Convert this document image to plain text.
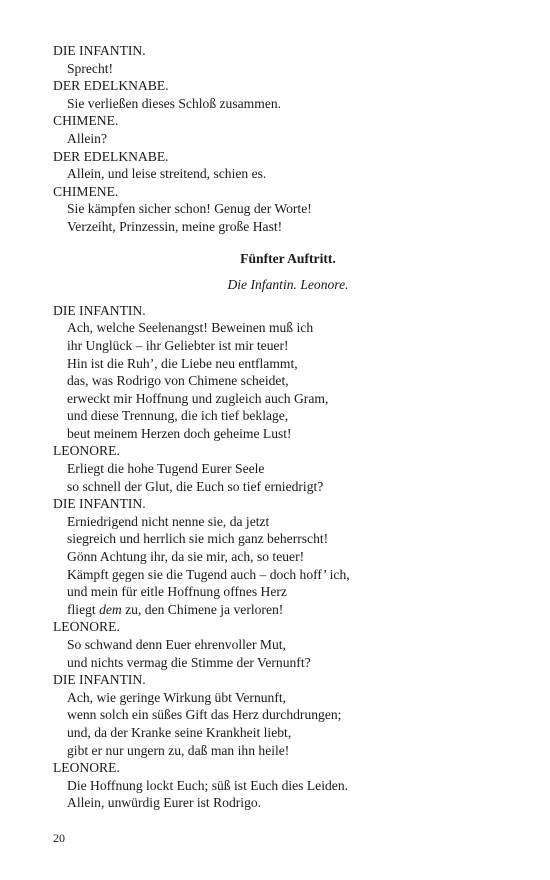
DIE INFANTIN.

Sprecht!

DER EDELKNABE.

Sie verließen dieses Schloß zusammen.

CHIMENE.

Allein?

DER EDELKNABE.

Allein, und leise streitend, schien es.

CHIMENE.

Sie kämpfen sicher schon! Genug der Worte!

Verzeiht, Prinzessin, meine große Hast!

Fünfter Auftritt.

Die Infantin. Leonore.

DIE INFANTIN.

Ach, welche Seelenangst! Beweinen muß ich

ihr Unglück – ihr Geliebter ist mir teuer!

Hin ist die Ruh’, die Liebe neu entflammt,

das, was Rodrigo von Chimene scheidet,

erweckt mir Hoffnung und zugleich auch Gram,

und diese Trennung, die ich tief beklage,

beut meinem Herzen doch geheime Lust!

LEONORE.

Erliegt die hohe Tugend Eurer Seele

so schnell der Glut, die Euch so tief erniedrigt?

DIE INFANTIN.

Erniedrigend nicht nenne sie, da jetzt

siegreich und herrlich sie mich ganz beherrscht!

Gönn Achtung ihr, da sie mir, ach, so teuer!

Kämpft gegen sie die Tugend auch – doch hoff’ ich,

und mein für eitle Hoffnung offnes Herz

fliegt dem zu, den Chimene ja verloren!

LEONORE.

So schwand denn Euer ehrenvoller Mut,

und nichts vermag die Stimme der Vernunft?

DIE INFANTIN.

Ach, wie geringe Wirkung übt Vernunft,

wenn solch ein süßes Gift das Herz durchdrungen;

und, da der Kranke seine Krankheit liebt,

gibt er nur ungern zu, daß man ihn heile!

LEONORE.

Die Hoffnung lockt Euch; süß ist Euch dies Leiden.

Allein, unwürdig Eurer ist Rodrigo.

20
